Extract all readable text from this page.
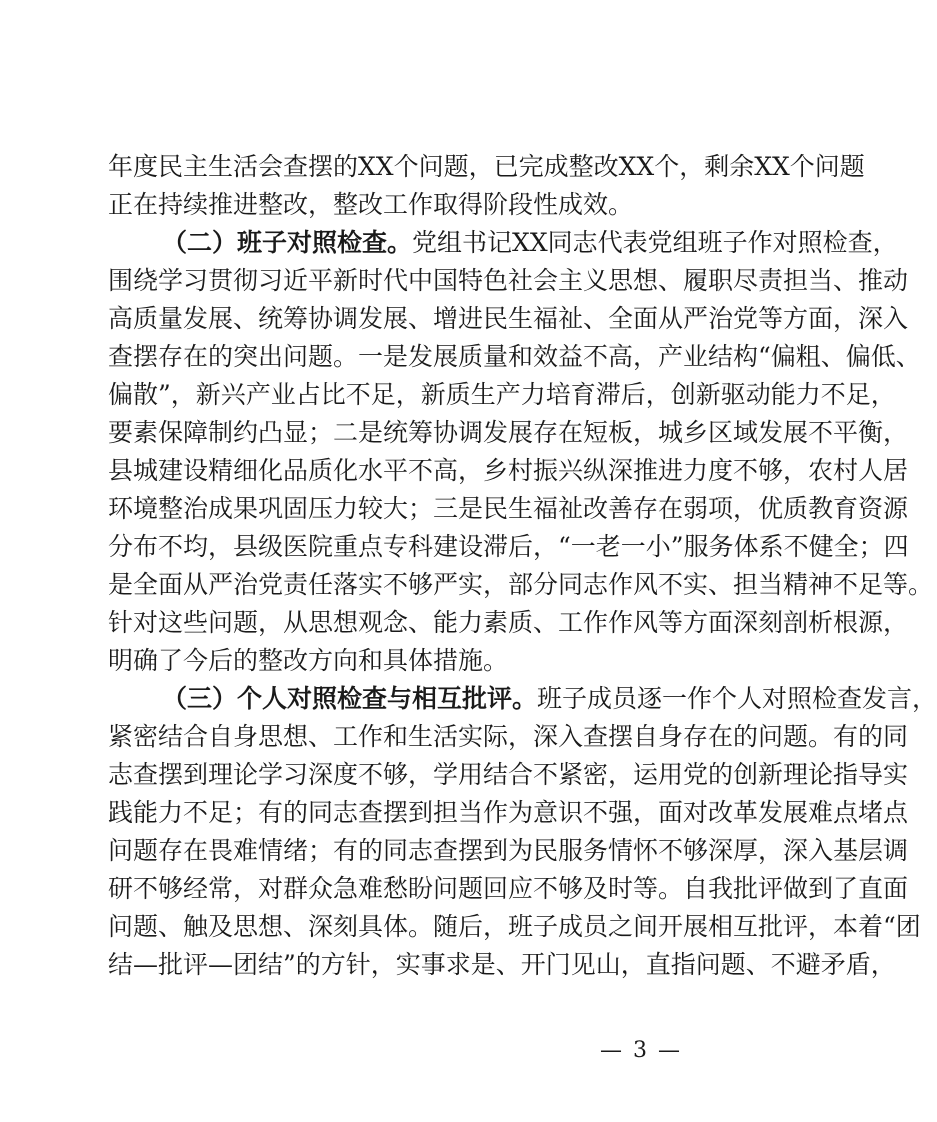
年度民主生活会查摆的XX个问题，已完成整改XX个，剩余XX个问题
正在持续推进整改，整改工作取得阶段性成效。
（二）班子对照检查。党组书记XX同志代表党组班子作对照检查，
围绕学习贯彻习近平新时代中国特色社会主义思想、履职尽责担当、推动
高质量发展、统筹协调发展、增进民生福祉、全面从严治党等方面，深入
查摆存在的突出问题。一是发展质量和效益不高，产业结构“偏粗、偏低、
偏散”，新兴产业占比不足，新质生产力培育滞后，创新驱动能力不足，
要素保障制约凸显；二是统筹协调发展存在短板，城乡区域发展不平衡，
县城建设精细化品质化水平不高，乡村振兴纵深推进力度不够，农村人居
环境整治成果巩固压力较大；三是民生福祉改善存在弱项，优质教育资源
分布不均，县级医院重点专科建设滞后，“一老一小”服务体系不健全；四
是全面从严治党责任落实不够严实，部分同志作风不实、担当精神不足等。
针对这些问题，从思想观念、能力素质、工作作风等方面深刻剖析根源，
明确了今后的整改方向和具体措施。
（三）个人对照检查与相互批评。班子成员逐一作个人对照检查发言，
紧密结合自身思想、工作和生活实际，深入查摆自身存在的问题。有的同
志查摆到理论学习深度不够，学用结合不紧密，运用党的创新理论指导实
践能力不足；有的同志查摆到担当作为意识不强，面对改革发展难点堵点
问题存在畏难情绪；有的同志查摆到为民服务情怀不够深厚，深入基层调
研不够经常，对群众急难愁盼问题回应不够及时等。自我批评做到了直面
问题、触及思想、深刻具体。随后，班子成员之间开展相互批评，本着“团
结—批评—团结”的方针，实事求是、开门见山，直指问题、不避矛盾，
— 3 —
